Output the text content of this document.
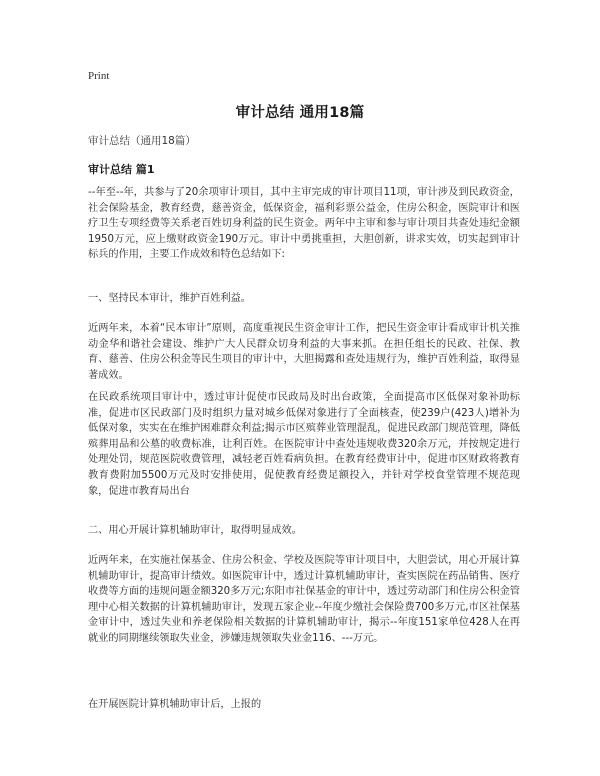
Print
审计总结 通用18篇
审计总结（通用18篇）
审计总结 篇1
--年至--年，共参与了20余项审计项目，其中主审完成的审计项目11项，审计涉及到民政资金，社会保险基金，教育经费，慈善资金，低保资金，福利彩票公益金，住房公积金，医院审计和医疗卫生专项经费等关系老百姓切身利益的民生资金。两年中主审和参与审计项目共查处违纪金额1950万元，应上缴财政资金190万元。审计中勇挑重担，大胆创新，讲求实效，切实起到审计标兵的作用，主要工作成效和特色总结如下:
一、坚持民本审计，维护百姓利益。
近两年来，本着“民本审计”原则，高度重视民生资金审计工作，把民生资金审计看成审计机关推动金华和谐社会建设、维护广大人民群众切身利益的大事来抓。在担任组长的民政、社保、教育、慈善、住房公积金等民生项目的审计中，大胆揭露和查处违规行为，维护百姓利益，取得显著成效。
在民政系统项目审计中，透过审计促使市民政局及时出台政策，全面提高市区低保对象补助标准，促进市区民政部门及时组织力量对城乡低保对象进行了全面核查，使239户(423人)增补为低保对象，实实在在维护困难群众利益;揭示市区殡葬业管理混乱，促进民政部门规范管理，降低殡葬用品和公墓的收费标准，让利百姓。在医院审计中查处违规收费320余万元，并按规定进行处理处罚，规范医院收费管理，减轻老百姓看病负担。在教育经费审计中，促进市区财政将教育教育费附加5500万元及时安排使用，促使教育经费足额投入，并针对学校食堂管理不规范现象，促进市教育局出台
二、用心开展计算机辅助审计，取得明显成效。
近两年来，在实施社保基金、住房公积金、学校及医院等审计项目中，大胆尝试，用心开展计算机辅助审计，提高审计绩效。如医院审计中，透过计算机辅助审计，查实医院在药品销售、医疗收费等方面的违规问题金额320多万元;东阳市社保基金的审计中，透过劳动部门和住房公积金管理中心相关数据的计算机辅助审计，发现五家企业--年度少缴社会保险费700多万元,市区社保基金审计中，透过失业和养老保险相关数据的计算机辅助审计，揭示--年度151家单位428人在再就业的同期继续领取失业金，涉嫌违规领取失业金116、---万元。
在开展医院计算机辅助审计后，上报的
